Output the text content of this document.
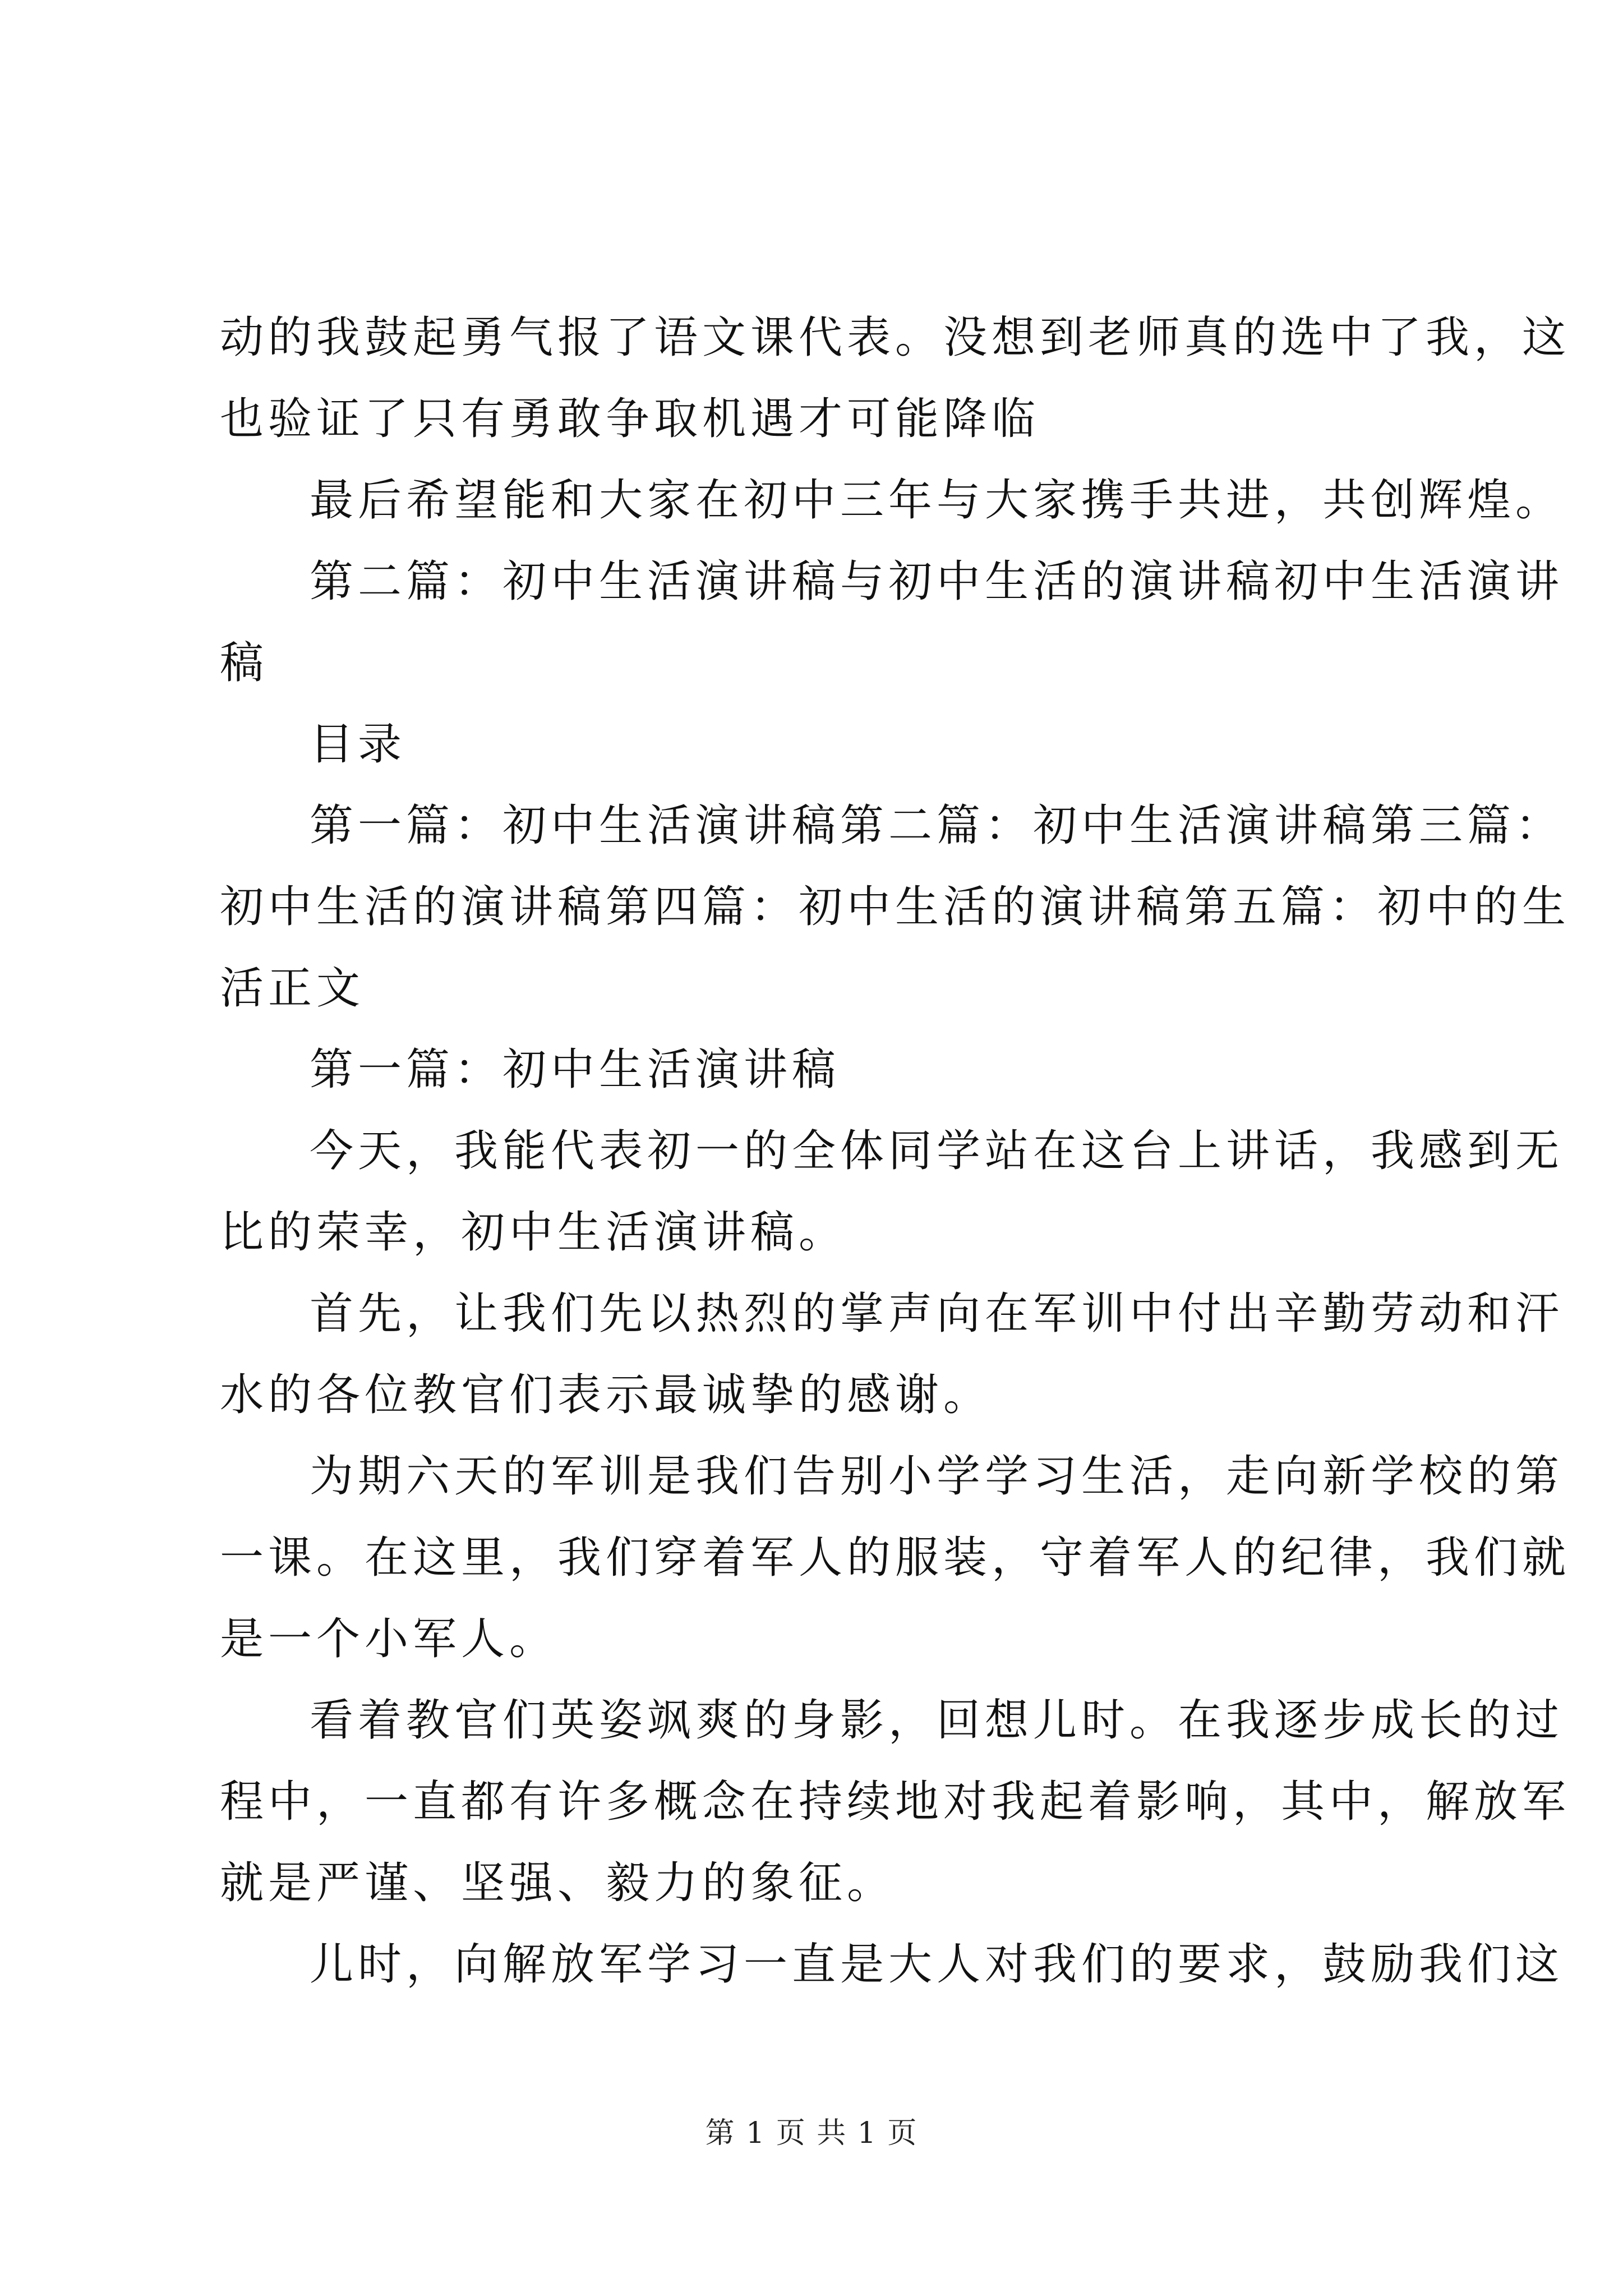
动的我鼓起勇气报了语文课代表。没想到老师真的选中了我，这
也验证了只有勇敢争取机遇才可能降临
最后希望能和大家在初中三年与大家携手共进，共创辉煌。
第二篇：初中生活演讲稿与初中生活的演讲稿初中生活演讲
稿
目录
第一篇：初中生活演讲稿第二篇：初中生活演讲稿第三篇：
初中生活的演讲稿第四篇：初中生活的演讲稿第五篇：初中的生
活正文
第一篇：初中生活演讲稿
今天，我能代表初一的全体同学站在这台上讲话，我感到无
比的荣幸，初中生活演讲稿。
首先，让我们先以热烈的掌声向在军训中付出辛勤劳动和汗
水的各位教官们表示最诚挚的感谢。
为期六天的军训是我们告别小学学习生活，走向新学校的第
一课。在这里，我们穿着军人的服装，守着军人的纪律，我们就
是一个小军人。
看着教官们英姿飒爽的身影，回想儿时。在我逐步成长的过
程中，一直都有许多概念在持续地对我起着影响，其中，解放军
就是严谨、坚强、毅力的象征。
儿时，向解放军学习一直是大人对我们的要求，鼓励我们这
第 1 页 共 1 页
